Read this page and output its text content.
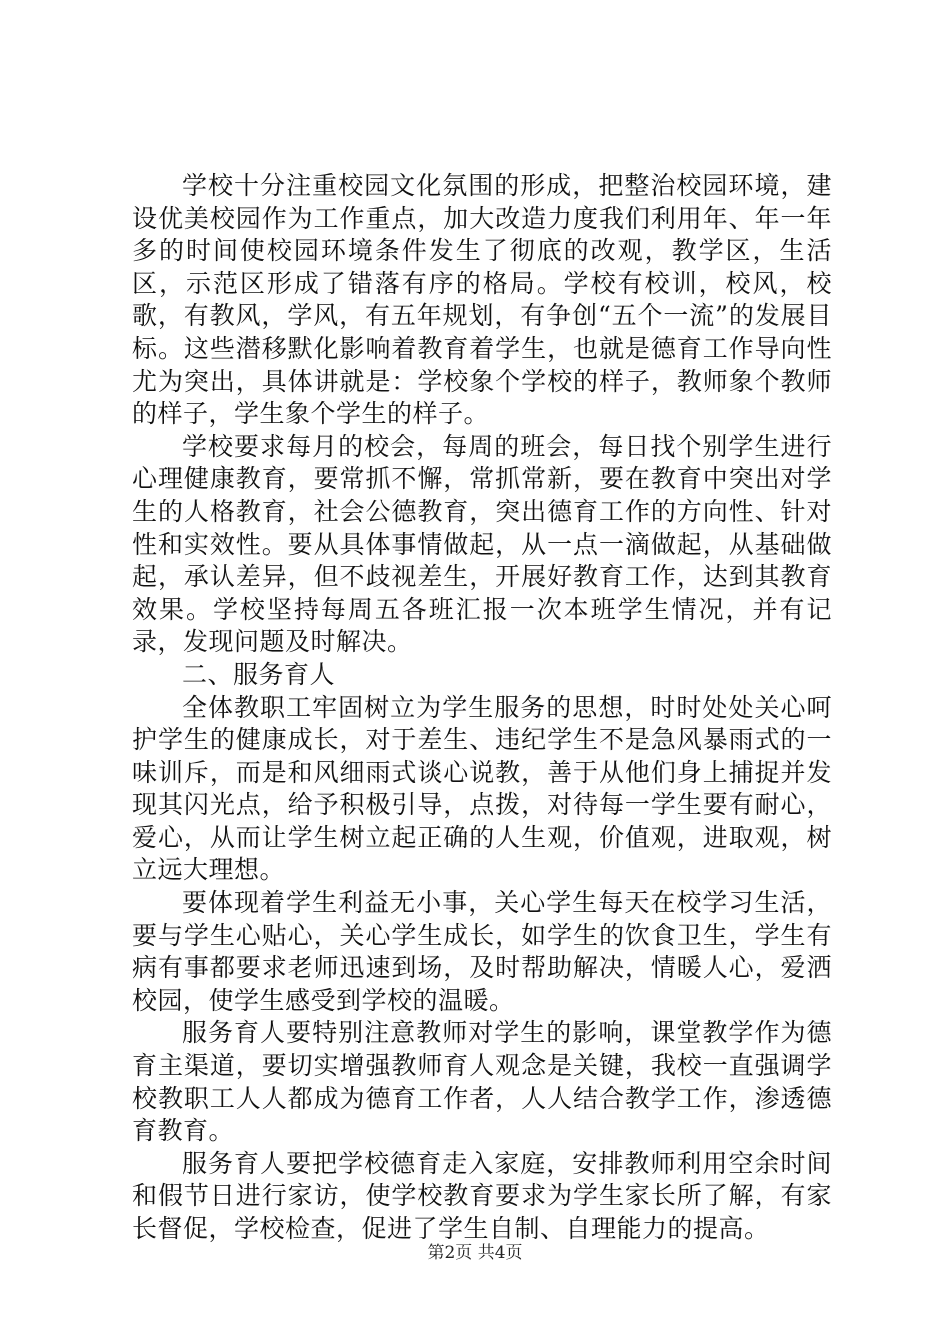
学校十分注重校园文化氛围的形成，把整治校园环境，建设优美校园作为工作重点，加大改造力度我们利用年、年一年多的时间使校园环境条件发生了彻底的改观，教学区，生活区，示范区形成了错落有序的格局。学校有校训，校风，校歌，有教风，学风，有五年规划，有争创“五个一流”的发展目标。这些潜移默化影响着教育着学生，也就是德育工作导向性尤为突出，具体讲就是：学校象个学校的样子，教师象个教师的样子，学生象个学生的样子。

学校要求每月的校会，每周的班会，每日找个别学生进行心理健康教育，要常抓不懈，常抓常新，要在教育中突出对学生的人格教育，社会公德教育，突出德育工作的方向性、针对性和实效性。要从具体事情做起，从一点一滴做起，从基础做起，承认差异，但不歧视差生，开展好教育工作，达到其教育效果。学校坚持每周五各班汇报一次本班学生情况，并有记录，发现问题及时解决。

二、服务育人

全体教职工牢固树立为学生服务的思想，时时处处关心呵护学生的健康成长，对于差生、违纪学生不是急风暴雨式的一味训斥，而是和风细雨式谈心说教，善于从他们身上捕捉并发现其闪光点，给予积极引导，点拨，对待每一学生要有耐心，爱心，从而让学生树立起正确的人生观，价值观，进取观，树立远大理想。

要体现着学生利益无小事，关心学生每天在校学习生活，要与学生心贴心，关心学生成长，如学生的饮食卫生，学生有病有事都要求老师迅速到场，及时帮助解决，情暖人心，爱洒校园，使学生感受到学校的温暖。

服务育人要特别注意教师对学生的影响，课堂教学作为德育主渠道，要切实增强教师育人观念是关键，我校一直强调学校教职工人人都成为德育工作者，人人结合教学工作，渗透德育教育。

服务育人要把学校德育走入家庭，安排教师利用空余时间和假节日进行家访，使学校教育要求为学生家长所了解，有家长督促，学校检查，促进了学生自制、自理能力的提高。

第2页 共4页
